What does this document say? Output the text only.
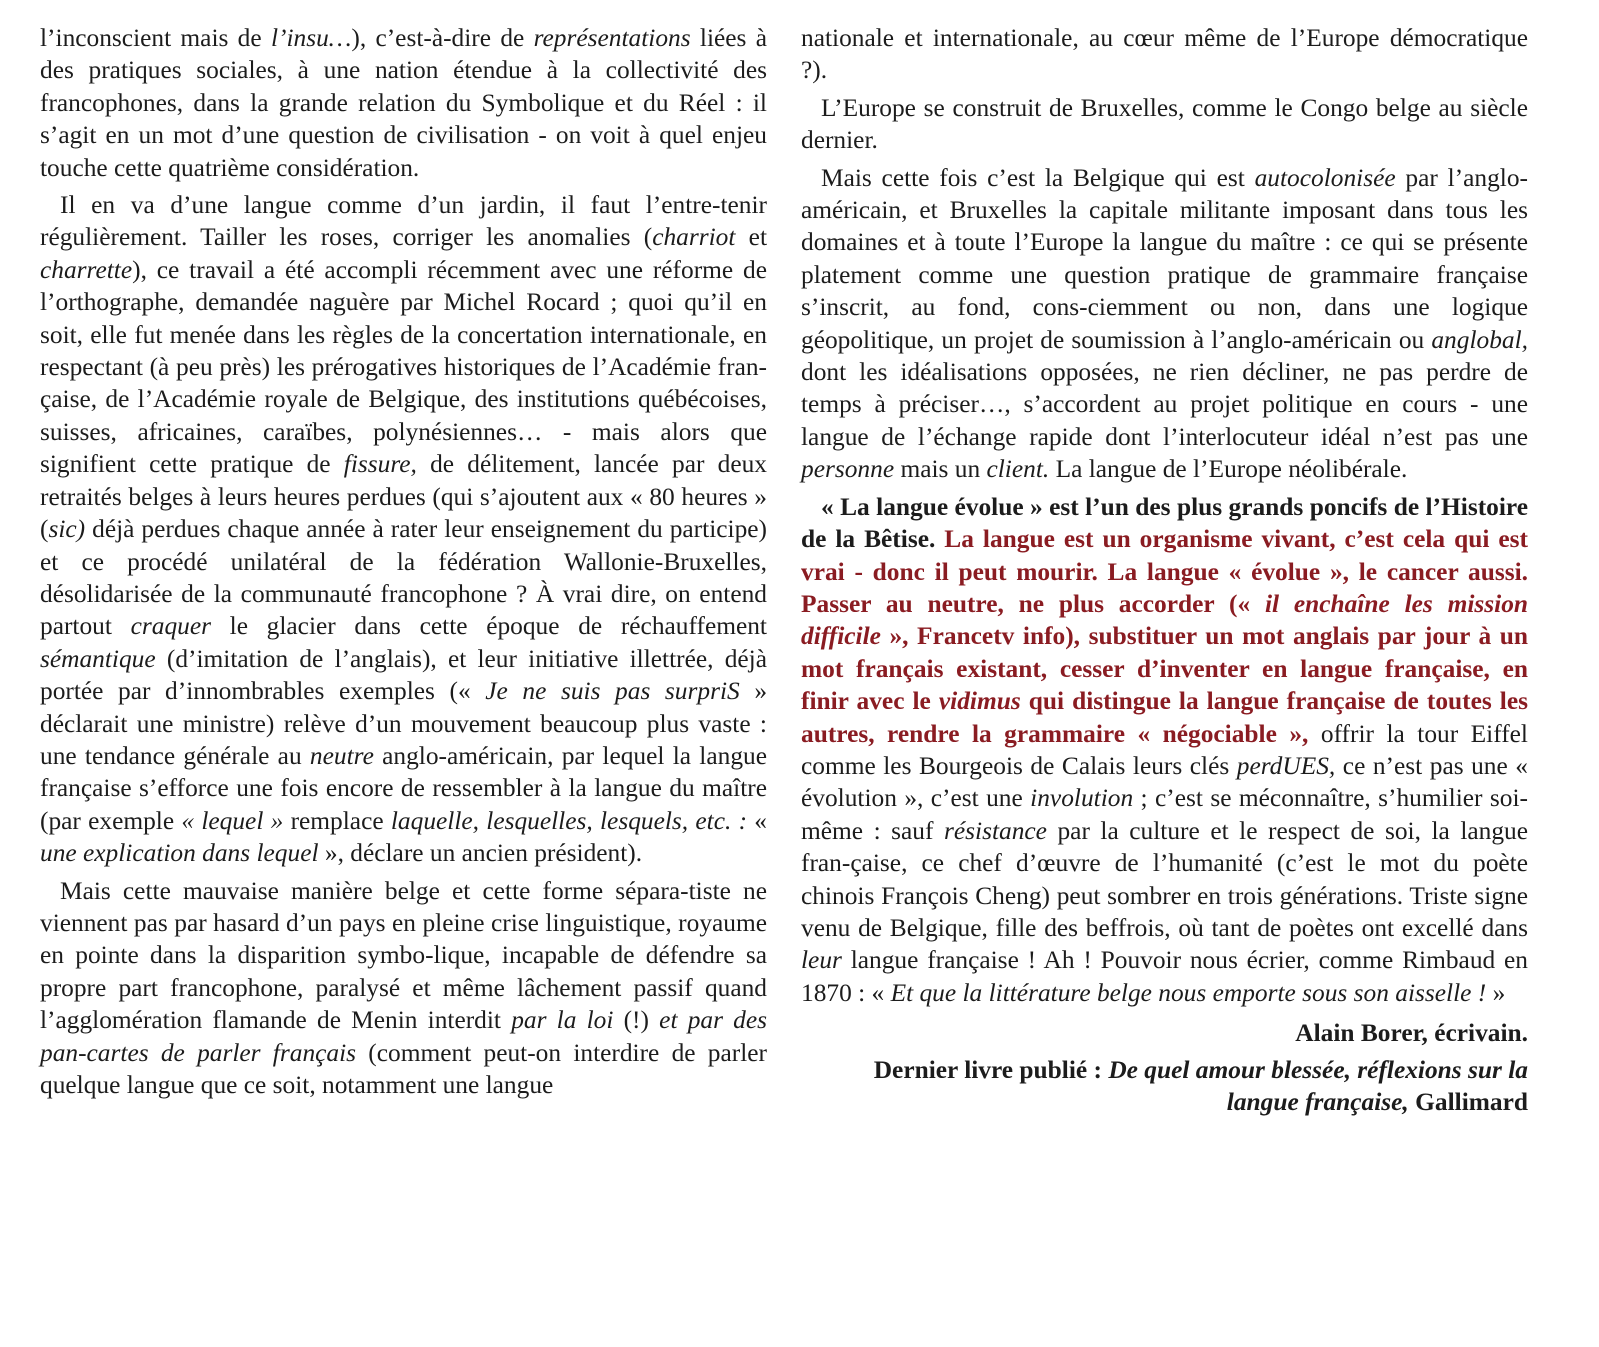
l’inconscient mais de l’insu…), c’est-à-dire de représentations liées à des pratiques sociales, à une nation étendue à la collectivité des francophones, dans la grande relation du Symbolique et du Réel : il s’agit en un mot d’une question de civilisation - on voit à quel enjeu touche cette quatrième considération.

Il en va d’une langue comme d’un jardin, il faut l’entre-tenir régulièrement. Tailler les roses, corriger les anomalies (charriot et charrette), ce travail a été accompli récemment avec une réforme de l’orthographe, demandée naguère par Michel Rocard ; quoi qu’il en soit, elle fut menée dans les règles de la concertation internationale, en respectant (à peu près) les prérogatives historiques de l’Académie fran-çaise, de l’Académie royale de Belgique, des institutions québécoises, suisses, africaines, caraïbes, polynésiennes… - mais alors que signifient cette pratique de fissure, de délitement, lancée par deux retraités belges à leurs heures perdues (qui s’ajoutent aux « 80 heures » (sic) déjà perdues chaque année à rater leur enseignement du participe) et ce procédé unilatéral de la fédération Wallonie-Bruxelles, désolidarisée de la communauté francophone ? À vrai dire, on entend partout craquer le glacier dans cette époque de réchauffement sémantique (d’imitation de l’anglais), et leur initiative illettrée, déjà portée par d’innombrables exemples (« Je ne suis pas surpriS » déclarait une ministre) relève d’un mouvement beaucoup plus vaste : une tendance générale au neutre anglo-américain, par lequel la langue française s’efforce une fois encore de ressembler à la langue du maître (par exemple « lequel » remplace laquelle, lesquelles, lesquels, etc. : « une explication dans lequel », déclare un ancien président).

Mais cette mauvaise manière belge et cette forme sépara-tiste ne viennent pas par hasard d’un pays en pleine crise linguistique, royaume en pointe dans la disparition symbo-lique, incapable de défendre sa propre part francophone, paralysé et même lâchement passif quand l’agglomération flamande de Menin interdit par la loi (!) et par des pan-cartes de parler français (comment peut-on interdire de parler quelque langue que ce soit, notamment une langue

nationale et internationale, au cœur même de l’Europe démocratique ?).

L’Europe se construit de Bruxelles, comme le Congo belge au siècle dernier.

Mais cette fois c’est la Belgique qui est autocolonisée par l’anglo-américain, et Bruxelles la capitale militante imposant dans tous les domaines et à toute l’Europe la langue du maître : ce qui se présente platement comme une question pratique de grammaire française s’inscrit, au fond, cons-ciemment ou non, dans une logique géopolitique, un projet de soumission à l’anglo-américain ou anglobal, dont les idéalisations opposées, ne rien décliner, ne pas perdre de temps à préciser…, s’accordent au projet politique en cours - une langue de l’échange rapide dont l’interlocuteur idéal n’est pas une personne mais un client. La langue de l’Europe néolibérale.

« La langue évolue » est l’un des plus grands poncifs de l’Histoire de la Bêtise. La langue est un organisme vivant, c’est cela qui est vrai - donc il peut mourir. La langue « évolue », le cancer aussi. Passer au neutre, ne plus accorder (« il enchaîne les mission difficile », Francetv info), substituer un mot anglais par jour à un mot français existant, cesser d’inventer en langue française, en finir avec le vidimus qui distingue la langue française de toutes les autres, rendre la grammaire « négociable », offrir la tour Eiffel comme les Bourgeois de Calais leurs clés perdUES, ce n’est pas une « évolution », c’est une involution ; c’est se méconnaître, s’humilier soi-même : sauf résistance par la culture et le respect de soi, la langue fran-çaise, ce chef d’œuvre de l’humanité (c’est le mot du poète chinois François Cheng) peut sombrer en trois générations. Triste signe venu de Belgique, fille des beffrois, où tant de poètes ont excellé dans leur langue française ! Ah ! Pouvoir nous écrier, comme Rimbaud en 1870 : « Et que la littérature belge nous emporte sous son aisselle ! »

Alain Borer, écrivain.

Dernier livre publié : De quel amour blessée, réflexions sur la langue française, Gallimard
